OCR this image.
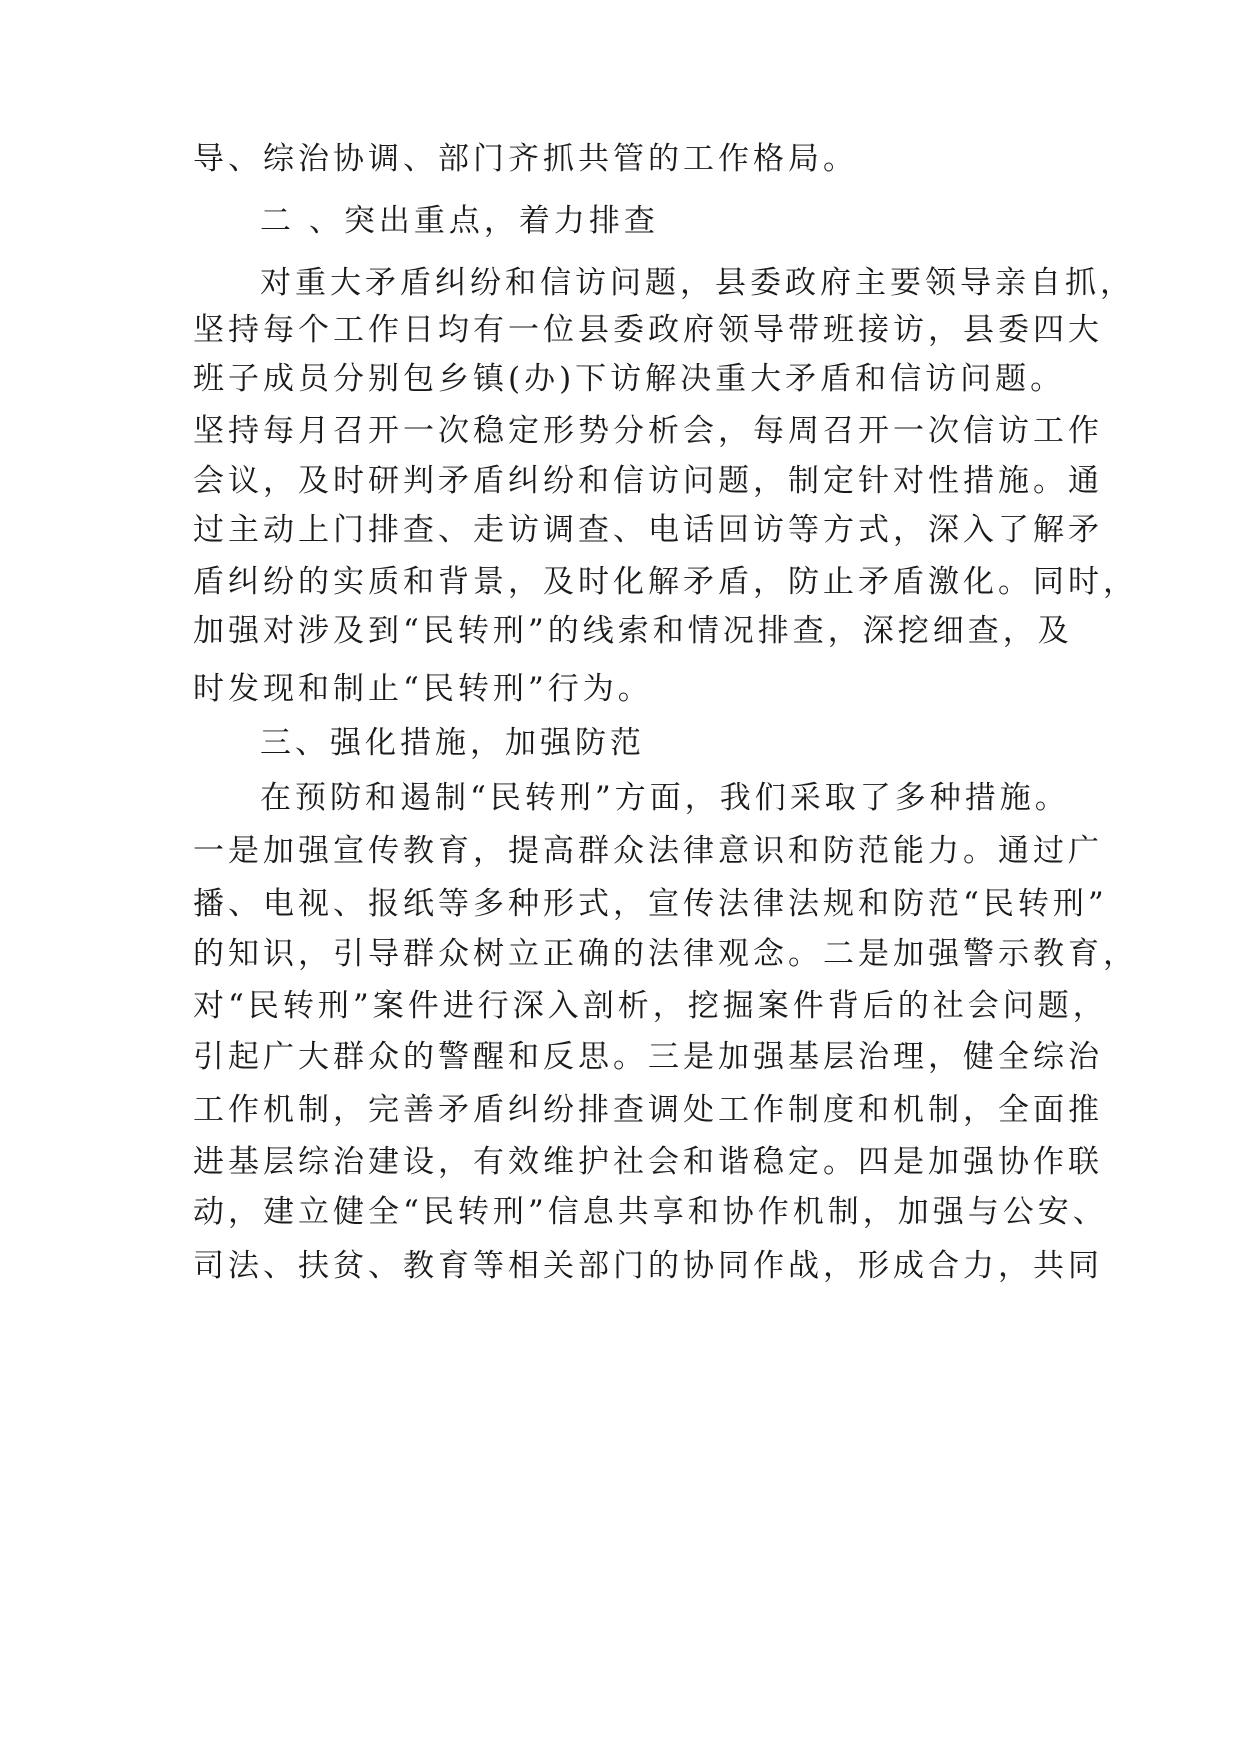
导、综治协调、部门齐抓共管的工作格局。
二 、突出重点，着力排查
对重大矛盾纠纷和信访问题，县委政府主要领导亲自抓，
坚持每个工作日均有一位县委政府领导带班接访，县委四大
班子成员分别包乡镇(办)下访解决重大矛盾和信访问题。
坚持每月召开一次稳定形势分析会，每周召开一次信访工作
会议，及时研判矛盾纠纷和信访问题，制定针对性措施。通
过主动上门排查、走访调查、电话回访等方式，深入了解矛
盾纠纷的实质和背景，及时化解矛盾，防止矛盾激化。同时，
加强对涉及到“民转刑”的线索和情况排查，深挖细查，及
时发现和制止“民转刑”行为。
三、强化措施，加强防范
在预防和遏制“民转刑”方面，我们采取了多种措施。
一是加强宣传教育，提高群众法律意识和防范能力。通过广
播、电视、报纸等多种形式，宣传法律法规和防范“民转刑”
的知识，引导群众树立正确的法律观念。二是加强警示教育，
对“民转刑”案件进行深入剖析，挖掘案件背后的社会问题，
引起广大群众的警醒和反思。三是加强基层治理，健全综治
工作机制，完善矛盾纠纷排查调处工作制度和机制，全面推
进基层综治建设，有效维护社会和谐稳定。四是加强协作联
动，建立健全“民转刑”信息共享和协作机制，加强与公安、
司法、扶贫、教育等相关部门的协同作战，形成合力，共同
